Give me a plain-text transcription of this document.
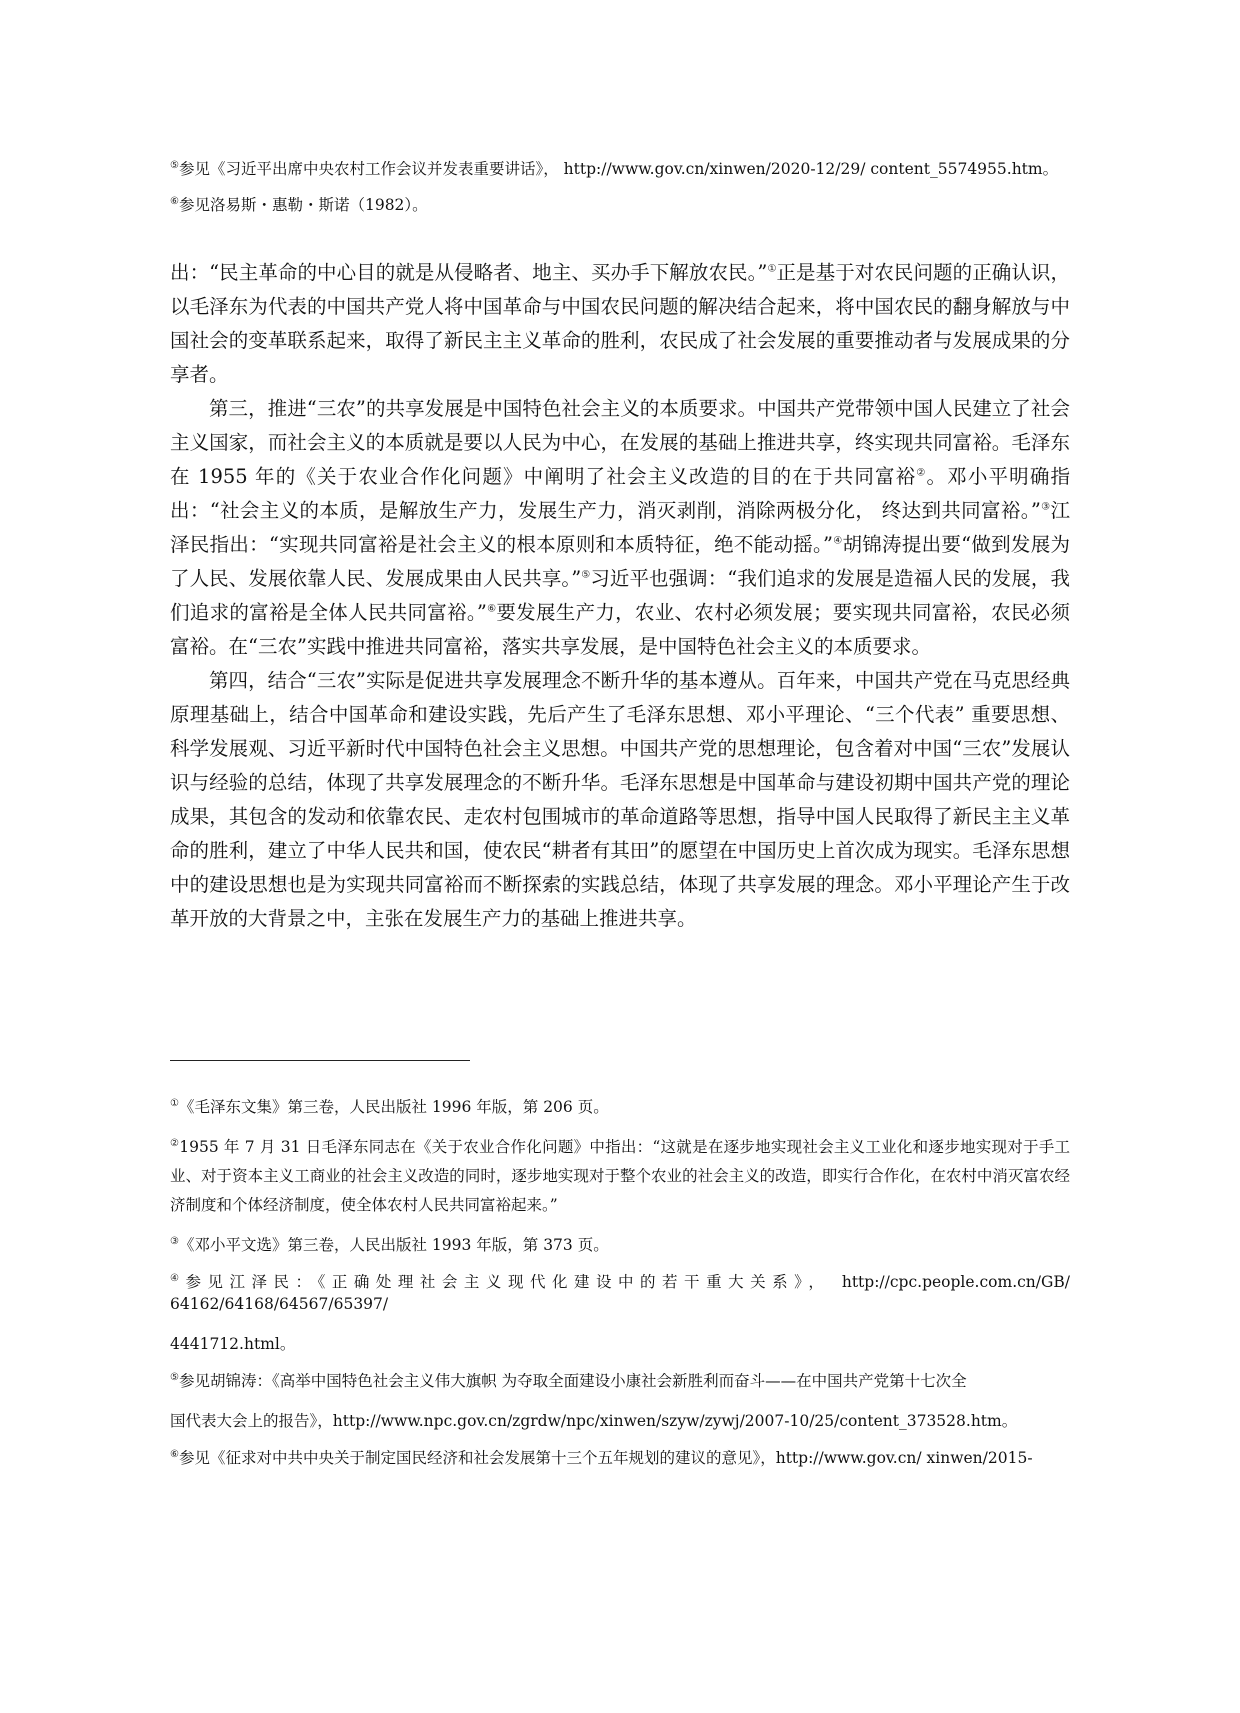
⑤参见《习近平出席中央农村工作会议并发表重要讲话》， http://www.gov.cn/xinwen/2020-12/29/ content_5574955.htm。

⑥参见洛易斯・惠勒・斯诺（1982）。

出：“民主革命的中心目的就是从侵略者、地主、买办手下解放农民。”①正是基于对农民问题的正确认识，以毛泽东为代表的中国共产党人将中国革命与中国农民问题的解决结合起来，将中国农民的翻身解放与中国社会的变革联系起来，取得了新民主主义革命的胜利，农民成了社会发展的重要推动者与发展成果的分享者。

第三，推进“三农”的共享发展是中国特色社会主义的本质要求。中国共产党带领中国人民建立了社会主义国家，而社会主义的本质就是要以人民为中心，在发展的基础上推进共享，终实现共同富裕。毛泽东在 1955 年的《关于农业合作化问题》中阐明了社会主义改造的目的在于共同富裕②。邓小平明确指出：“社会主义的本质，是解放生产力，发展生产力，消灭剥削，消除两极分化， 终达到共同富裕。”③江泽民指出：“实现共同富裕是社会主义的根本原则和本质特征，绝不能动摇。”④胡锦涛提出要“做到发展为了人民、发展依靠人民、发展成果由人民共享。”⑤习近平也强调：“我们追求的发展是造福人民的发展，我们追求的富裕是全体人民共同富裕。”⑥要发展生产力，农业、农村必须发展；要实现共同富裕，农民必须富裕。在“三农”实践中推进共同富裕，落实共享发展，是中国特色社会主义的本质要求。

第四，结合“三农”实际是促进共享发展理念不断升华的基本遵从。百年来，中国共产党在马克思经典原理基础上，结合中国革命和建设实践，先后产生了毛泽东思想、邓小平理论、“三个代表” 重要思想、科学发展观、习近平新时代中国特色社会主义思想。中国共产党的思想理论，包含着对中国“三农”发展认识与经验的总结，体现了共享发展理念的不断升华。毛泽东思想是中国革命与建设初期中国共产党的理论成果，其包含的发动和依靠农民、走农村包围城市的革命道路等思想，指导中国人民取得了新民主主义革命的胜利，建立了中华人民共和国，使农民“耕者有其田”的愿望在中国历史上首次成为现实。毛泽东思想中的建设思想也是为实现共同富裕而不断探索的实践总结，体现了共享发展的理念。邓小平理论产生于改革开放的大背景之中，主张在发展生产力的基础上推进共享。

①《毛泽东文集》第三卷，人民出版社 1996 年版，第 206 页。

②1955 年 7 月 31 日毛泽东同志在《关于农业合作化问题》中指出：“这就是在逐步地实现社会主义工业化和逐步地实现对于手工业、对于资本主义工商业的社会主义改造的同时，逐步地实现对于整个农业的社会主义的改造，即实行合作化，在农村中消灭富农经济制度和个体经济制度，使全体农村人民共同富裕起来。”

③《邓小平文选》第三卷，人民出版社 1993 年版，第 373 页。

④参见江泽民：《正确处理社会主义现代化建设中的若干重大关系》， http://cpc.people.com.cn/GB/ 64162/64168/64567/65397/

4441712.html。

⑤参见胡锦涛：《高举中国特色社会主义伟大旗帜 为夺取全面建设小康社会新胜利而奋斗——在中国共产党第十七次全

国代表大会上的报告》，http://www.npc.gov.cn/zgrdw/npc/xinwen/szyw/zywj/2007-10/25/content_373528.htm。

⑥参见《征求对中共中央关于制定国民经济和社会发展第十三个五年规划的建议的意见》，http://www.gov.cn/ xinwen/2015-
